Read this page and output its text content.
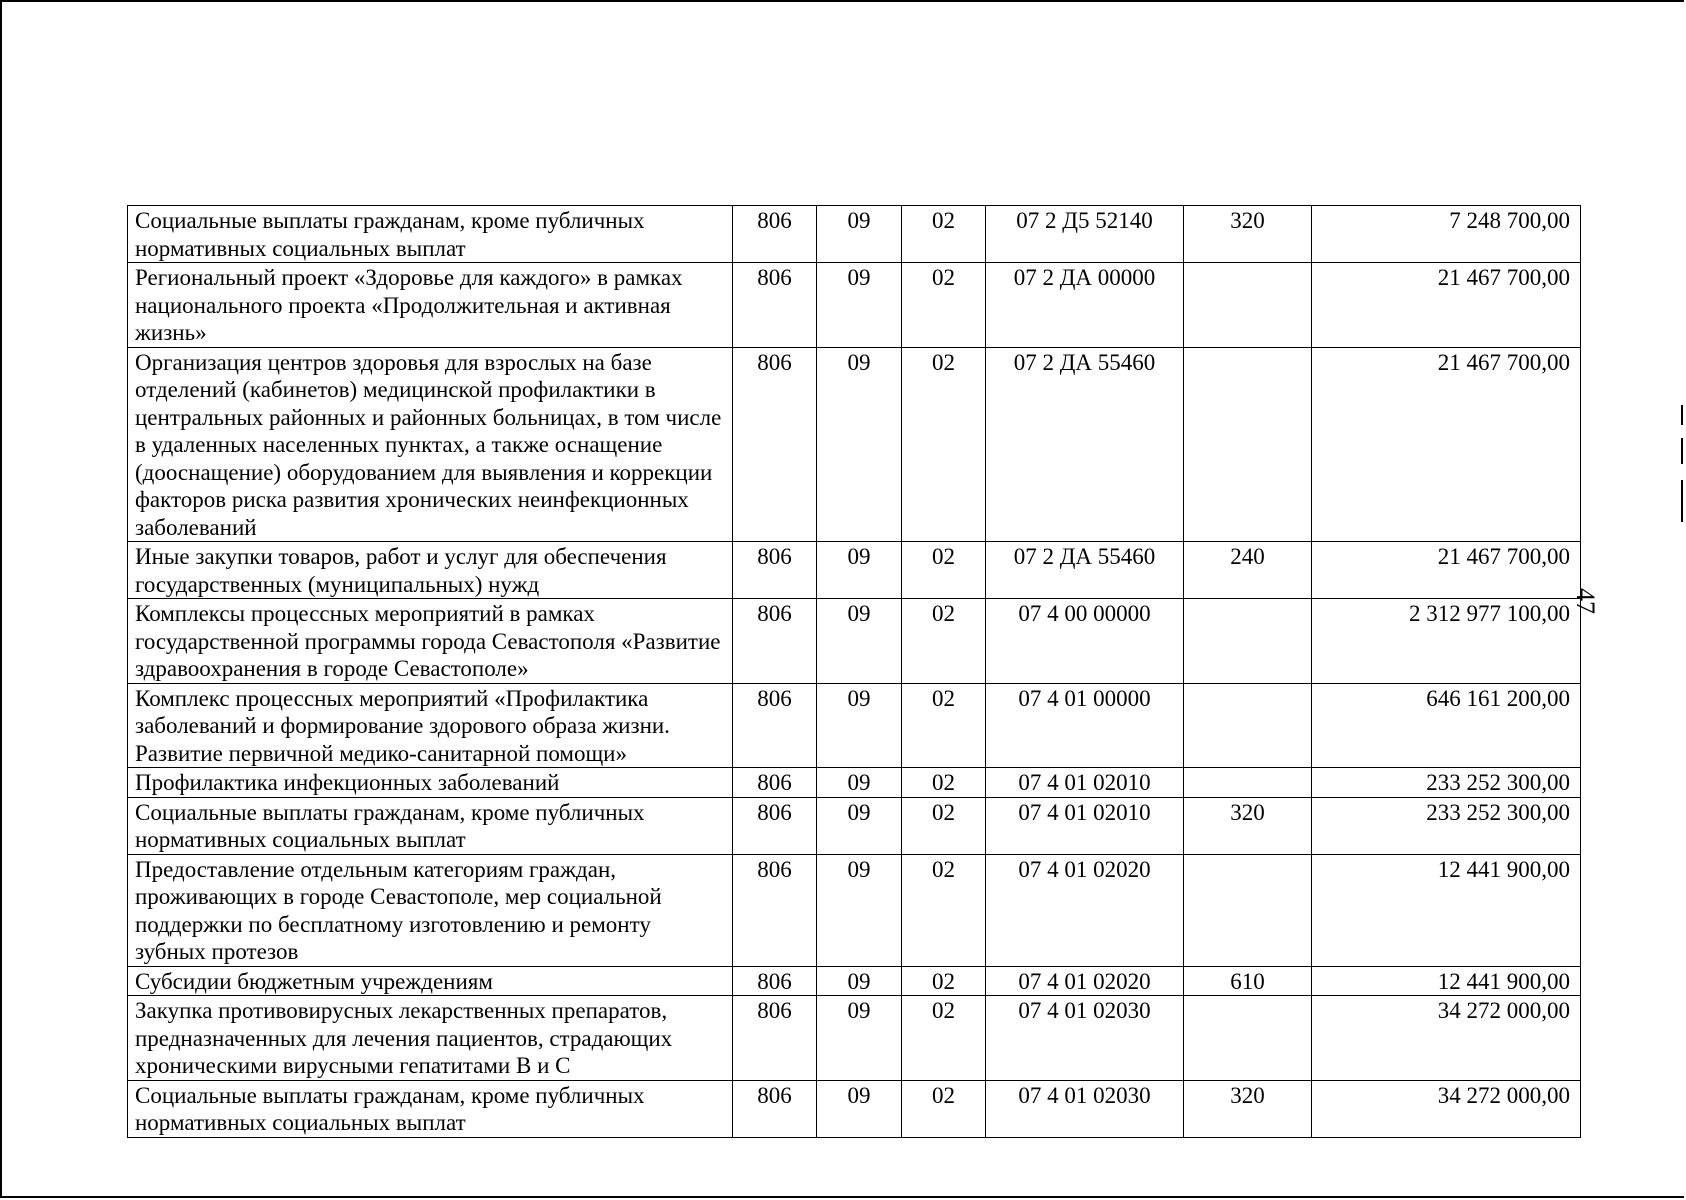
Социальные выплаты гражданам, кроме публичных нормативных социальных выплат	806	09	02	07 2 Д5 52140	320	7 248 700,00
Региональный проект «Здоровье для каждого» в рамках национального проекта «Продолжительная и активная жизнь»	806	09	02	07 2 ДА 00000		21 467 700,00
Организация центров здоровья для взрослых на базе отделений (кабинетов) медицинской профилактики в центральных районных и районных больницах, в том числе в удаленных населенных пунктах, а также оснащение (дооснащение) оборудованием для выявления и коррекции факторов риска развития хронических неинфекционных заболеваний	806	09	02	07 2 ДА 55460		21 467 700,00
Иные закупки товаров, работ и услуг для обеспечения государственных (муниципальных) нужд	806	09	02	07 2 ДА 55460	240	21 467 700,00
Комплексы процессных мероприятий в рамках государственной программы города Севастополя «Развитие здравоохранения в городе Севастополе»	806	09	02	07 4 00 00000		2 312 977 100,00
Комплекс процессных мероприятий «Профилактика заболеваний и формирование здорового образа жизни. Развитие первичной медико-санитарной помощи»	806	09	02	07 4 01 00000		646 161 200,00
Профилактика инфекционных заболеваний	806	09	02	07 4 01 02010		233 252 300,00
Социальные выплаты гражданам, кроме публичных нормативных социальных выплат	806	09	02	07 4 01 02010	320	233 252 300,00
Предоставление отдельным категориям граждан, проживающих в городе Севастополе, мер социальной поддержки по бесплатному изготовлению и ремонту зубных протезов	806	09	02	07 4 01 02020		12 441 900,00
Субсидии бюджетным учреждениям	806	09	02	07 4 01 02020	610	12 441 900,00
Закупка противовирусных лекарственных препаратов, предназначенных для лечения пациентов, страдающих хроническими вирусными гепатитами В и С	806	09	02	07 4 01 02030		34 272 000,00
Социальные выплаты гражданам, кроме публичных нормативных социальных выплат	806	09	02	07 4 01 02030	320	34 272 000,00
47
